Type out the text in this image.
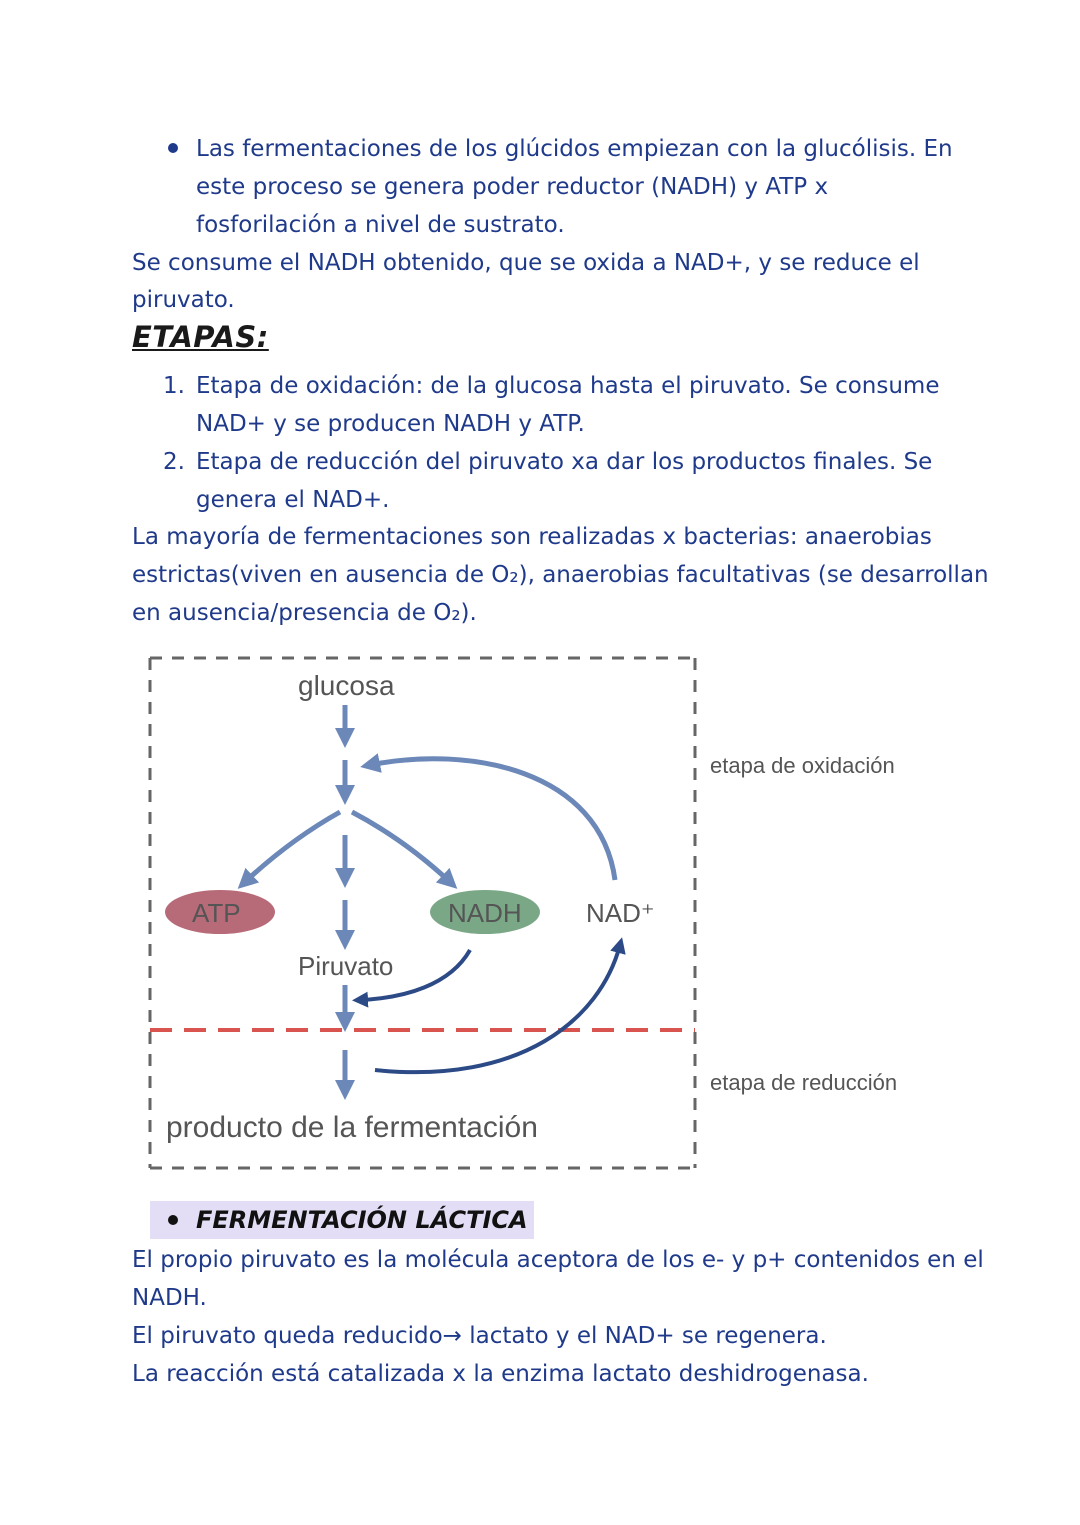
Las fermentaciones de los glúcidos empiezan con la glucólisis. En
este proceso se genera poder reductor (NADH) y ATP x
fosforilación a nivel de sustrato.
Se consume el NADH obtenido, que se oxida a NAD+, y se reduce el
piruvato.
ETAPAS:
1. Etapa de oxidación: de la glucosa hasta el piruvato. Se consume
NAD+ y se producen NADH y ATP.
2. Etapa de reducción del piruvato xa dar los productos finales. Se
genera el NAD+.
La mayoría de fermentaciones son realizadas x bacterias: anaerobias
estrictas(viven en ausencia de O₂), anaerobias facultativas (se desarrollan
en ausencia/presencia de O₂).
glucosa
ATP	NADH NAD⁺
Piruvato
producto de la fermentación
etapa de oxidación
etapa de reducción
FERMENTACIÓN LÁCTICA
El propio piruvato es la molécula aceptora de los e- y p+ contenidos en el
NADH.
El piruvato queda reducido→ lactato y el NAD+ se regenera.
La reacción está catalizada x la enzima lactato deshidrogenasa.
